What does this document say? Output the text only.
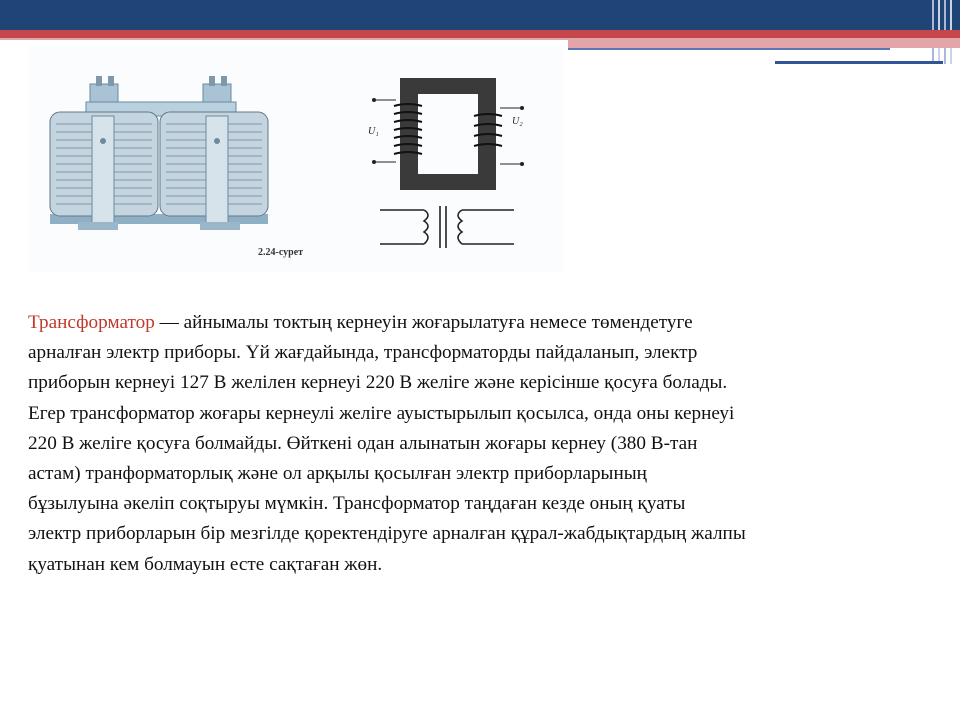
U₁
U₂
2.24-сурет
Трансформатор — айнымалы токтың кернеуін жоғарылатуға немесе төмендетуге
арналған электр приборы. Үй жағдайында, трансформаторды пайдаланып, электр
приборын кернеуі 127 В желілен кернеуі 220 В желіге және керісінше қосуға болады.
Егер трансформатор жоғары кернеулі желіге ауыстырылып қосылса, онда оны кернеуі
220 В желіге қосуға болмайды. Өйткені одан алынатын жоғары кернеу (380 В-тан
астам) транформаторлық және ол арқылы қосылған электр приборларының
бұзылуына әкеліп соқтыруы мүмкін. Трансформатор таңдаған кезде оның қуаты
электр приборларын бір мезгілде қоректендіруге арналған құрал-жабдықтардың жалпы
қуатынан кем болмауын есте сақтаған жөн.
